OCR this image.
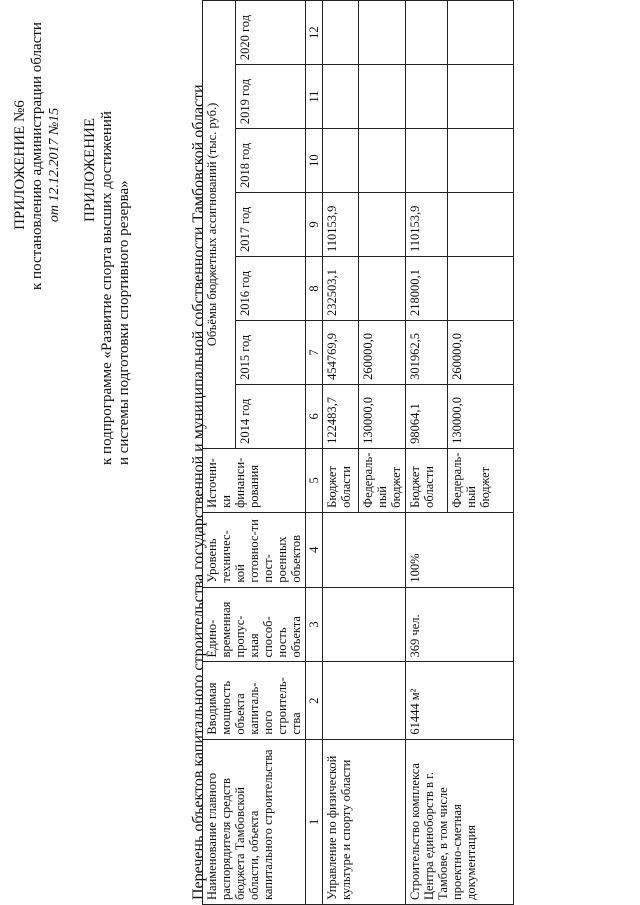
ПРИЛОЖЕНИЕ №6 к постановлению администрации области от 12.12.2017 №15 ПРИЛОЖЕНИЕ к подпрограмме «Развитие спорта высших достижений и системы подготовки спортивного резерва»	Перечень объектов капитального строительства государственной и муниципальной собственности Тамбовской области
Наименование главного распорядителя средств бюджета Тамбовской области, объекта капитального строительства	Вводимая мощность объекта капиталь-ного строитель-ства	Едино-временная пропус-кная способ-ность объекта	Уровень техничес-кой готовнос-ти пост-роенных объектов	Источни-ки финанси-рования	Объёмы бюджетных ассигнований (тыс. руб.)						
					2014 год	2015 год	2016 год	2017 год	2018 год	2019 год	2020 год
1	2	3	4	5	6	7	8	9	10	11	12
Управление по физической культуре и спорту области				Бюджет области	122483,7	454769,9	232503,1	110153,9			
				Федераль-ный бюджет	130000,0	260000,0					
Строительство комплекса Центра единоборств в г. Тамбове, в том числе проектно-сметная документация	61444 м²	369 чел.	100%	Бюджет области	98064,1	301962,5	218000,1	110153,9			
				Федераль-ный бюджет	130000,0	260000,0					
